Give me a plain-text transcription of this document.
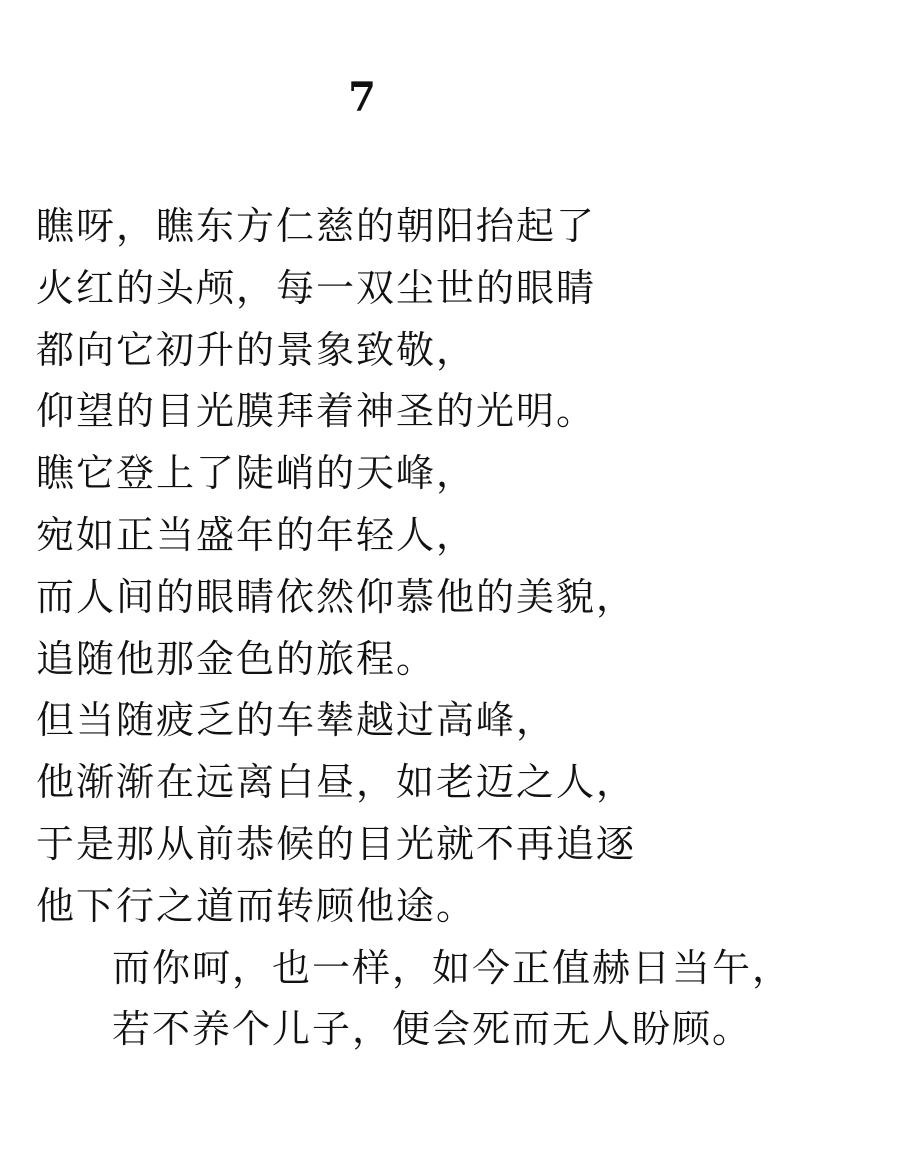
7
瞧呀，瞧东方仁慈的朝阳抬起了
火红的头颅，每一双尘世的眼睛
都向它初升的景象致敬，
仰望的目光膜拜着神圣的光明。
瞧它登上了陡峭的天峰，
宛如正当盛年的年轻人，
而人间的眼睛依然仰慕他的美貌，
追随他那金色的旅程。
但当随疲乏的车辇越过高峰，
他渐渐在远离白昼，如老迈之人，
于是那从前恭候的目光就不再追逐
他下行之道而转顾他途。
而你呵，也一样，如今正值赫日当午，
若不养个儿子，便会死而无人盼顾。
